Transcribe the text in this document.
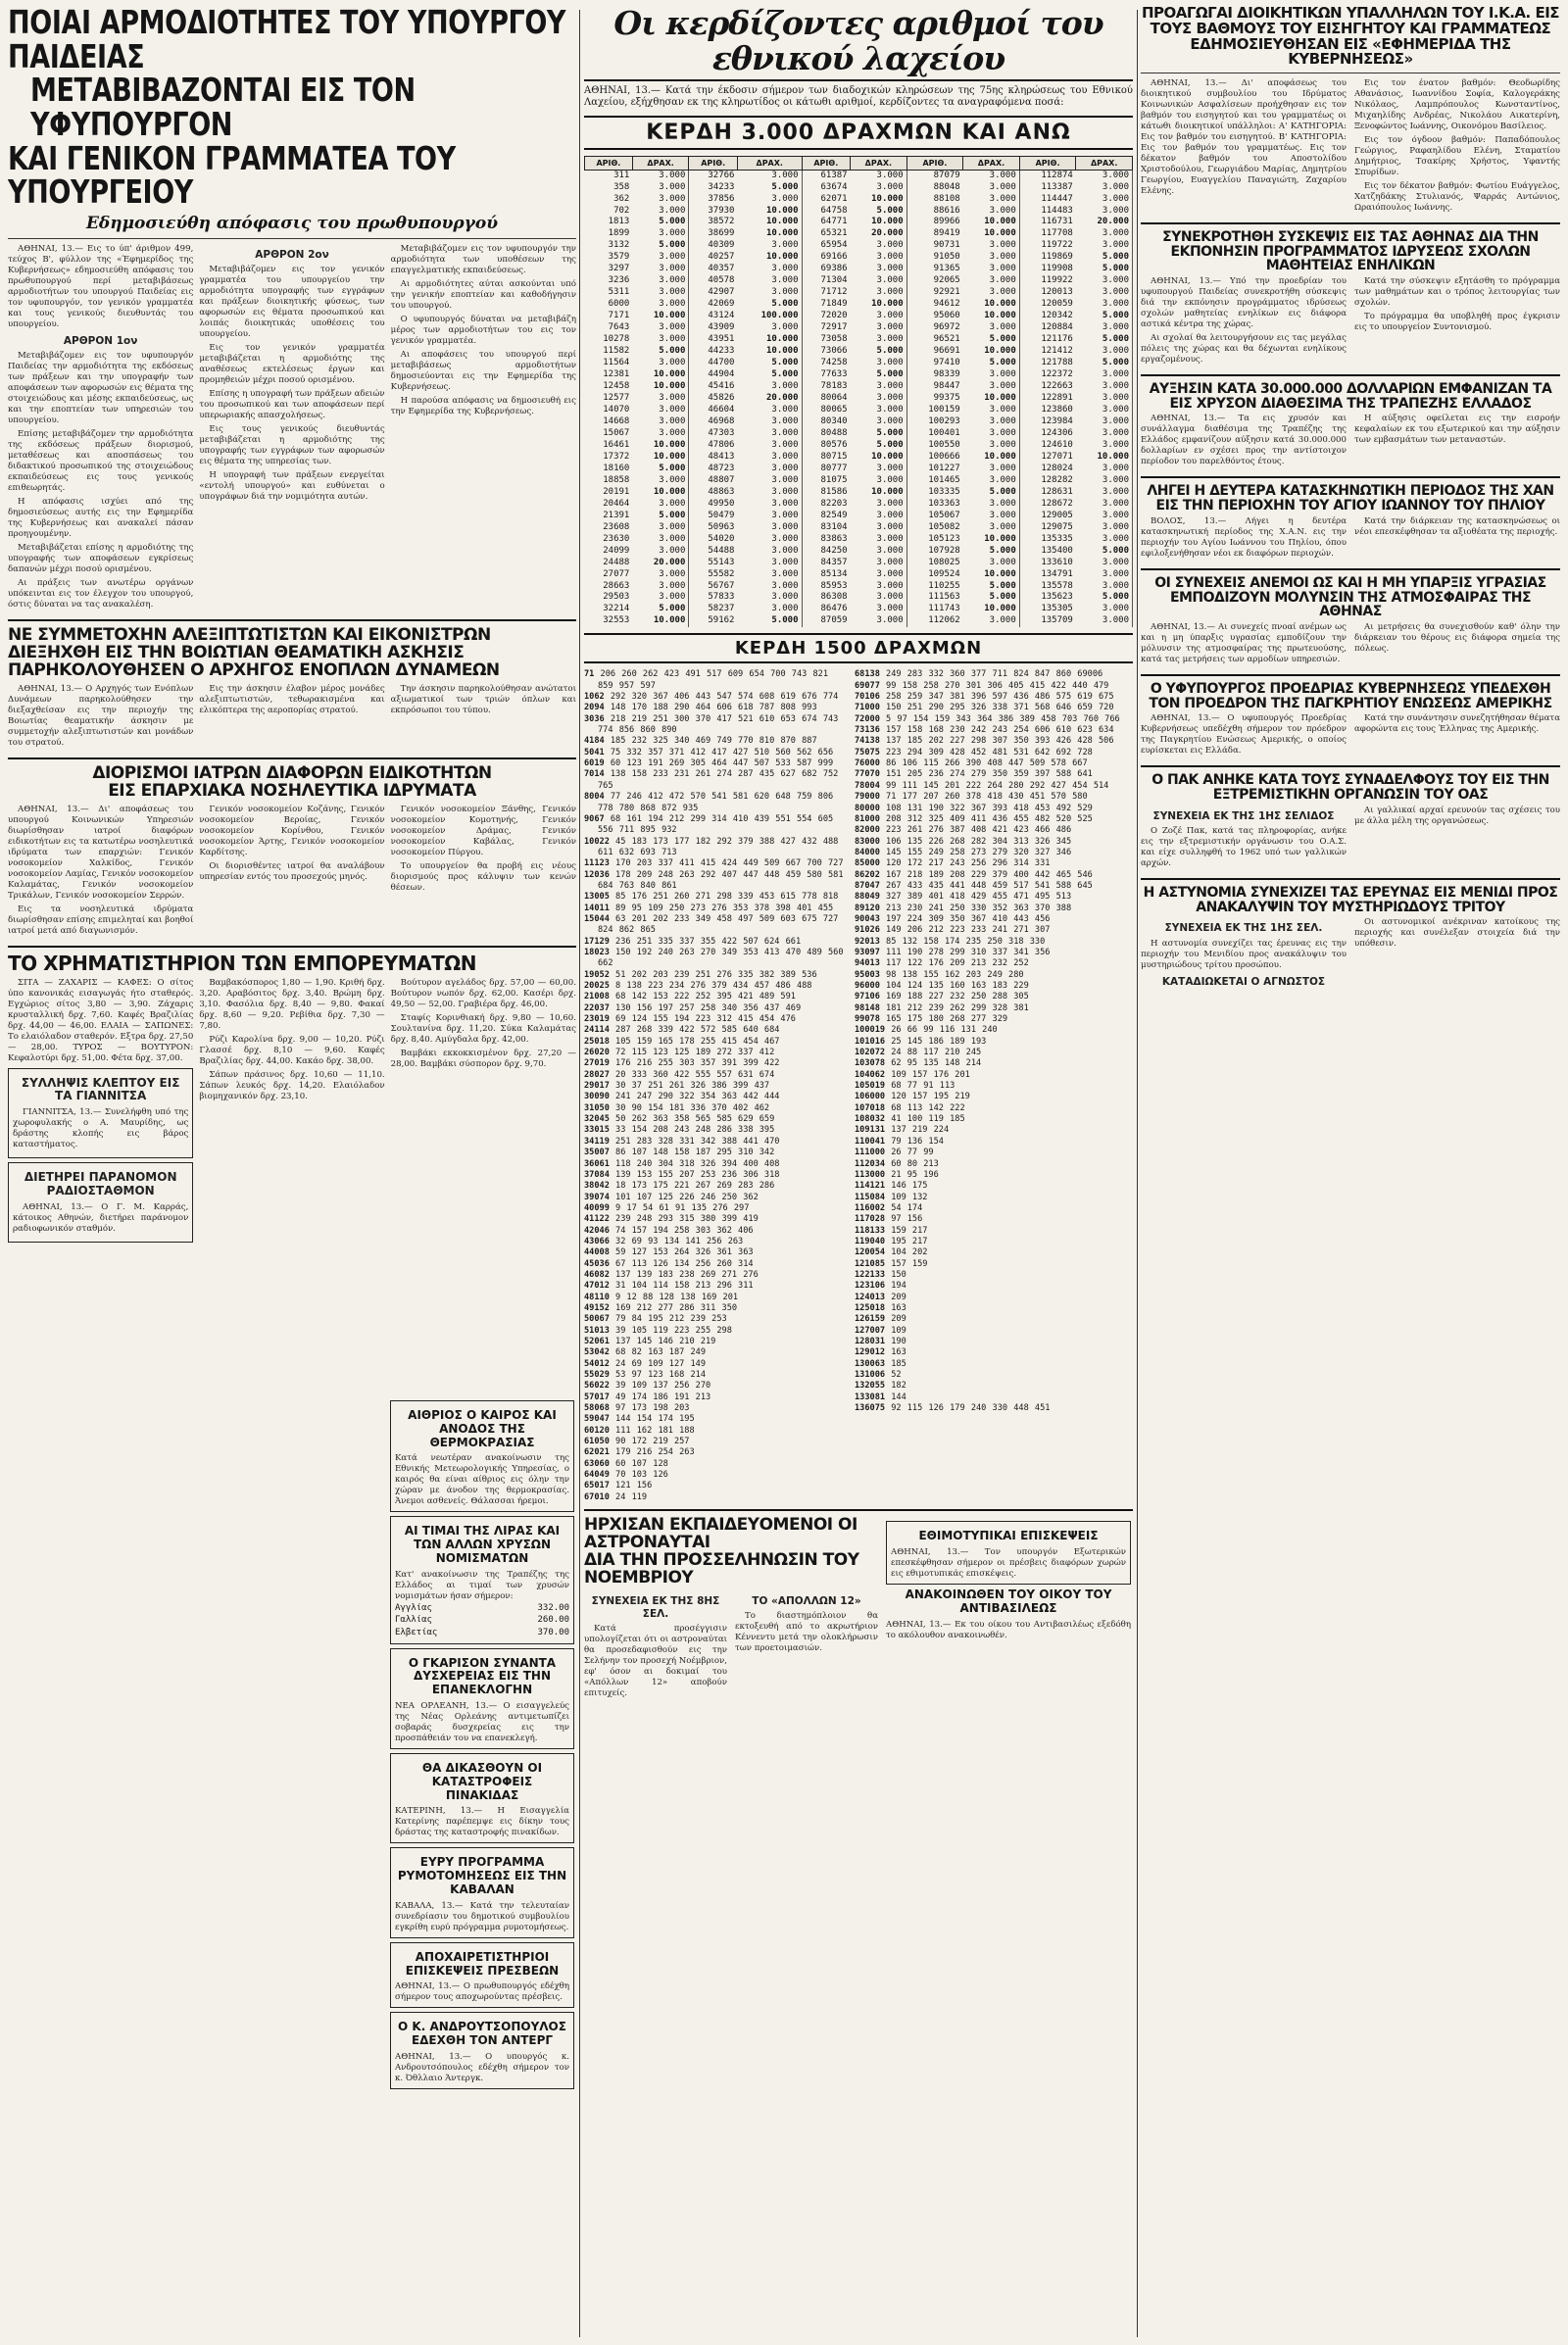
ΠΟΙΑΙ ΑΡΜΟΔΙΟΤΗΤΕΣ ΤΟΥ ΥΠΟΥΡΓΟΥ ΠΑΙΔΕΙΑΣ
ΜΕΤΑΒΙΒΑΖΟΝΤΑΙ ΕΙΣ ΤΟΝ ΥΦΥΠΟΥΡΓΟΝ
ΚΑΙ ΓΕΝΙΚΟΝ ΓΡΑΜΜΑΤΕΑ ΤΟΥ ΥΠΟΥΡΓΕΙΟΥ
Εδημοσιεύθη απόφασις του πρωθυπουργού

ΑΘΗΝΑΙ, 13.— Εις το ύπ' άριθμον 499, τεύχος Β', φύλλον της «Έφημερίδος της Κυβερνήσεως» εδημοσιεύθη απόφασις του πρωθυπουργού περί μεταβιβάσεως αρμοδιοτήτων του υπουργού Παιδείας εις τον υφυπουργόν, τον γενικόν γραμματέα και τους γενικούς διευθυντάς του υπουργείου.

ΑΡΘΡΟΝ 1ον

Μεταβιβάζομεν εις τον υφυπουργόν Παιδείας την αρμοδιότητα της εκδόσεως των πράξεων και την υπογραφήν των αποφάσεων των αφορωσών εις θέματα της στοιχειώδους και μέσης εκπαιδεύσεως, ως και την εποπτείαν των υπηρεσιών του υπουργείου.

Επίσης μεταβιβάζομεν την αρμοδιότητα της εκδόσεως πράξεων διορισμού, μεταθέσεως και αποσπάσεως του διδακτικού προσωπικού της στοιχειώδους εκπαιδεύσεως εις τους γενικούς επιθεωρητάς.

Η απόφασις ισχύει από της δημοσιεύσεως αυτής εις την Εφημερίδα της Κυβερνήσεως και ανακαλεί πάσαν προηγουμένην.

Μεταβιβάζεται επίσης η αρμοδιότης της υπογραφής των αποφάσεων εγκρίσεως δαπανών μέχρι ποσού ορισμένου.

Αι πράξεις των ανωτέρω οργάνων υπόκεινται εις τον έλεγχον του υπουργού, όστις δύναται να τας ανακαλέση.

ΑΡΘΡΟΝ 2ον

Μεταβιβάζομεν εις τον γενικόν γραμματέα του υπουργείου την αρμοδιότητα υπογραφής των εγγράφων και πράξεων διοικητικής φύσεως, των αφορωσών εις θέματα προσωπικού και λοιπάς διοικητικάς υποθέσεις του υπουργείου.

Εις τον γενικόν γραμματέα μεταβιβάζεται η αρμοδιότης της αναθέσεως εκτελέσεως έργων και προμηθειών μέχρι ποσού ορισμένου.

Επίσης η υπογραφή των πράξεων αδειών του προσωπικού και των αποφάσεων περί υπερωριακής απασχολήσεως.

Εις τους γενικούς διευθυντάς μεταβιβάζεται η αρμοδιότης της υπογραφής των εγγράφων των αφορωσών εις θέματα της υπηρεσίας των.

Η υπογραφή των πράξεων ενεργείται «εντολή υπουργού» και ευθύνεται ο υπογράφων διά την νομιμότητα αυτών.

Μεταβιβάζομεν εις τον υφυπουργόν την αρμοδιότητα των υποθέσεων της επαγγελματικής εκπαιδεύσεως.

Αι αρμοδιότητες αύται ασκούνται υπό την γενικήν εποπτείαν και καθοδήγησιν του υπουργού.

Ο υφυπουργός δύναται να μεταβιβάζη μέρος των αρμοδιοτήτων του εις τον γενικόν γραμματέα.

Αι αποφάσεις του υπουργού περί μεταβιβάσεως αρμοδιοτήτων δημοσιεύονται εις την Εφημερίδα της Κυβερνήσεως.

Η παρούσα απόφασις να δημοσιευθή εις την Εφημερίδα της Κυβερνήσεως.

ΝΕ ΣΥΜΜΕΤΟΧΗΝ ΑΛΕΞΙΠΤΩΤΙΣΤΩΝ ΚΑΙ ΕΙΚΟΝΙΣΤΡΩΝ
ΔΙΕΞΗΧΘΗ ΕΙΣ ΤΗΝ ΒΟΙΩΤΙΑΝ ΘΕΑΜΑΤΙΚΗ ΑΣΚΗΣΙΣ
ΠΑΡΗΚΟΛΟΥΘΗΣΕΝ Ο ΑΡΧΗΓΟΣ ΕΝΟΠΛΩΝ ΔΥΝΑΜΕΩΝ

ΑΘΗΝΑΙ, 13.— Ο Αρχηγός των Ενόπλων Δυνάμεων παρηκολούθησεν την διεξαχθείσαν εις την περιοχήν της Βοιωτίας θεαματικήν άσκησιν με συμμετοχήν αλεξιπτωτιστών και μονάδων του στρατού.

Εις την άσκησιν έλαβον μέρος μονάδες αλεξιπτωτιστών, τεθωρακισμένα και ελικόπτερα της αεροπορίας στρατού.

Την άσκησιν παρηκολούθησαν ανώτατοι αξιωματικοί των τριών όπλων και εκπρόσωποι του τύπου.

ΔΙΟΡΙΣΜΟΙ ΙΑΤΡΩΝ ΔΙΑΦΟΡΩΝ ΕΙΔΙΚΟΤΗΤΩΝ
ΕΙΣ ΕΠΑΡΧΙΑΚΑ ΝΟΣΗΛΕΥΤΙΚΑ ΙΔΡΥΜΑΤΑ

ΑΘΗΝΑΙ, 13.— Δι' αποφάσεως του υπουργού Κοινωνικών Υπηρεσιών διωρίσθησαν ιατροί διαφόρων ειδικοτήτων εις τα κατωτέρω νοσηλευτικά ιδρύματα των επαρχιών: Γενικόν νοσοκομείον Χαλκίδος, Γενικόν νοσοκομείον Λαμίας, Γενικόν νοσοκομείον Καλαμάτας, Γενικόν νοσοκομείον Τρικάλων, Γενικόν νοσοκομείον Σερρών.

Εις τα νοσηλευτικά ιδρύματα διωρίσθησαν επίσης επιμεληταί και βοηθοί ιατροί μετά από διαγωνισμόν.

Γενικόν νοσοκομείον Κοζάνης, Γενικόν νοσοκομείον Βεροίας, Γενικόν νοσοκομείον Κορίνθου, Γενικόν νοσοκομείον Άρτης, Γενικόν νοσοκομείον Καρδίτσης.

Οι διορισθέντες ιατροί θα αναλάβουν υπηρεσίαν εντός του προσεχούς μηνός.

Γενικόν νοσοκομείον Ξάνθης, Γενικόν νοσοκομείον Κομοτηνής, Γενικόν νοσοκομείον Δράμας, Γενικόν νοσοκομείον Καβάλας, Γενικόν νοσοκομείον Πύργου.

Το υπουργείον θα προβή εις νέους διορισμούς προς κάλυψιν των κενών θέσεων.

ΤΟ ΧΡΗΜΑΤΙΣΤΗΡΙΟΝ ΤΩΝ ΕΜΠΟΡΕΥΜΑΤΩΝ

ΣΙΤΑ — ΖΑΧΑΡΙΣ — ΚΑΦΕΣ: Ο σίτος ύπο κανονικάς εισαγωγάς ήτο σταθερός. Εγχώριος σίτος 3,80 — 3,90. Ζάχαρις κρυσταλλική δρχ. 7,60. Καφές Βραζιλίας δρχ. 44,00 — 46,00. ΕΛΑΙΑ — ΣΑΠΩΝΕΣ: Το ελαιόλαδον σταθερόν. Εξτρα δρχ. 27,50 — 28,00. ΤΥΡΟΣ — ΒΟΥΤΥΡΟΝ: Κεφαλοτύρι δρχ. 51,00. Φέτα δρχ. 37,00.

ΣΥΛΛΗΨΙΣ ΚΛΕΠΤΟΥ ΕΙΣ ΤΑ ΓΙΑΝΝΙΤΣΑ

ΓΙΑΝΝΙΤΣΑ, 13.— Συνελήφθη υπό της χωροφυλακής ο Α. Μαυρίδης, ως δράστης κλοπής εις βάρος καταστήματος.

ΔΙΕΤΗΡΕΙ ΠΑΡΑΝΟΜΟΝ ΡΑΔΙΟΣΤΑΘΜΟΝ

ΑΘΗΝΑΙ, 13.— Ο Γ. Μ. Καρράς, κάτοικος Αθηνών, διετήρει παράνομον ραδιοφωνικόν σταθμόν.

Βαμβακόσπορος 1,80 — 1,90. Κριθή δρχ. 3,20. Αραβόσιτος δρχ. 3,40. Βρώμη δρχ. 3,10. Φασόλια δρχ. 8,40 — 9,80. Φακαί δρχ. 8,60 — 9,20. Ρεβίθια δρχ. 7,30 — 7,80.

Ρύζι Καρολίνα δρχ. 9,00 — 10,20. Ρύζι Γλασσέ δρχ. 8,10 — 9,60. Καφές Βραζιλίας δρχ. 44,00. Κακάο δρχ. 38,00.

Σάπων πράσινος δρχ. 10,60 — 11,10. Σάπων λευκός δρχ. 14,20. Ελαιόλαδον βιομηχανικόν δρχ. 23,10.

Βούτυρον αγελάδος δρχ. 57,00 — 60,00. Βούτυρον νωπόν δρχ. 62,00. Κασέρι δρχ. 49,50 — 52,00. Γραβιέρα δρχ. 46,00.

Σταφίς Κορινθιακή δρχ. 9,80 — 10,60. Σουλτανίνα δρχ. 11,20. Σύκα Καλαμάτας δρχ. 8,40. Αμύγδαλα δρχ. 42,00.

Βαμβάκι εκκοκκισμένον δρχ. 27,20 — 28,00. Βαμβάκι σύσπορον δρχ. 9,70.

Οι κερδίζοντες αριθμοί του εθνικού λαχείου
ΑΘΗΝΑΙ, 13.— Κατά την έκδοσιν σήμερον των διαδοχικών κληρώσεων της 75ης κληρώσεως του Εθνικού Λαχείου, εξήχθησαν εκ της κληρωτίδος οι κάτωθι αριθμοί, κερδίζοντες τα αναγραφόμενα ποσά:
ΚΕΡΔΗ 3.000 ΔΡΑΧΜΩΝ ΚΑΙ ΑΝΩ
ΑΡΙΘ.	ΔΡΑΧ.	ΑΡΙΘ.	ΔΡΑΧ.	ΑΡΙΘ.	ΔΡΑΧ.	ΑΡΙΘ.	ΔΡΑΧ.	ΑΡΙΘ.	ΔΡΑΧ.
311	3.000	32766	3.000	61387	3.000	87079	3.000	112874	3.000
358	3.000	34233	5.000	63674	3.000	88048	3.000	113387	3.000
362	3.000	37856	3.000	62071	10.000	88108	3.000	114447	3.000
702	3.000	37930	10.000	64758	5.000	88616	3.000	114483	3.000
1813	5.000	38572	10.000	64771	10.000	89966	10.000	116731	20.000
1899	3.000	38699	10.000	65321	20.000	89419	10.000	117708	3.000
3132	5.000	40309	3.000	65954	3.000	90731	3.000	119722	3.000
3579	3.000	40257	10.000	69166	3.000	91050	3.000	119869	5.000
3297	3.000	40357	3.000	69386	3.000	91365	3.000	119908	5.000
3236	3.000	40578	3.000	71304	3.000	92065	3.000	119922	3.000
5311	3.000	42907	3.000	71712	3.000	92921	3.000	120013	3.000
6000	3.000	42069	5.000	71849	10.000	94612	10.000	120059	3.000
7171	10.000	43124	100.000	72020	3.000	95060	10.000	120342	5.000
7643	3.000	43909	3.000	72917	3.000	96972	3.000	120884	3.000
10278	3.000	43951	10.000	73058	3.000	96521	5.000	121176	5.000
11582	5.000	44233	10.000	73066	5.000	96691	10.000	121412	3.000
11564	3.000	44700	5.000	74258	3.000	97410	5.000	121788	5.000
12381	10.000	44904	5.000	77633	5.000	98339	3.000	122372	3.000
12458	10.000	45416	3.000	78183	3.000	98447	3.000	122663	3.000
12577	3.000	45826	20.000	80064	3.000	99375	10.000	122891	3.000
14070	3.000	46604	3.000	80065	3.000	100159	3.000	123860	3.000
14668	3.000	46968	3.000	80340	3.000	100293	3.000	123984	3.000
15067	3.000	47303	3.000	80488	5.000	100401	3.000	124306	3.000
16461	10.000	47806	3.000	80576	5.000	100550	3.000	124610	3.000
17372	10.000	48413	3.000	80715	10.000	100666	10.000	127071	10.000
18160	5.000	48723	3.000	80777	3.000	101227	3.000	128024	3.000
18858	3.000	48807	3.000	81075	3.000	101465	3.000	128282	3.000
20191	10.000	48863	3.000	81586	10.000	103335	5.000	128631	3.000
20464	3.000	49950	3.000	82203	3.000	103363	3.000	128672	3.000
21391	5.000	50479	3.000	82549	3.000	105067	3.000	129005	3.000
23608	3.000	50963	3.000	83104	3.000	105082	3.000	129075	3.000
23630	3.000	54020	3.000	83863	3.000	105123	10.000	135335	3.000
24099	3.000	54488	3.000	84250	3.000	107928	5.000	135400	5.000
24488	20.000	55143	3.000	84357	3.000	108025	3.000	133610	3.000
27077	3.000	55582	3.000	85134	3.000	109524	10.000	134791	3.000
28663	3.000	56767	3.000	85953	3.000	110255	5.000	135578	3.000
29503	3.000	57833	3.000	86308	3.000	111563	5.000	135623	5.000
32214	5.000	58237	3.000	86476	3.000	111743	10.000	135305	3.000
32553	10.000	59162	5.000	87059	3.000	112062	3.000	135709	3.000
ΚΕΡΔΗ 1500 ΔΡΑΧΜΩΝ
71 206 260 262 423 491 517 609 654 700 743 821 859 957 597
1062 292 320 367 406 443 547 574 608 619 676 774
2094 148 170 188 290 464 606 618 787 808 993
3036 218 219 251 300 370 417 521 610 653 674 743 774 856 860 890
4184 185 232 325 340 469 749 770 810 870 887
5041 75 332 357 371 412 417 427 510 560 562 656
6019 60 123 191 269 305 464 447 507 533 587 999
7014 138 158 233 231 261 274 287 435 627 682 752 765
8004 77 246 412 472 570 541 581 620 648 759 806 778 780 868 872 935
9067 68 161 194 212 299 314 410 439 551 554 605 556 711 895 932
10022 45 183 173 177 182 292 379 388 427 432 488 611 632 693 713
11123 170 203 337 411 415 424 449 509 667 700 727
12036 178 209 248 263 292 407 447 448 459 580 581 684 763 840 861
13005 85 176 251 260 271 298 339 453 615 778 818
14011 89 95 109 250 273 276 353 378 398 401 455
15044 63 201 202 233 349 458 497 509 603 675 727 824 862 865
17129 236 251 335 337 355 422 507 624 661
18023 150 192 240 263 270 349 353 413 470 489 560 662
19052 51 202 203 239 251 276 335 382 389 536
20025 8 138 223 234 276 379 434 457 486 488
21008 68 142 153 222 252 395 421 489 591
22037 130 156 197 257 258 340 356 437 469
23019 69 124 155 194 223 312 415 454 476
24114 287 268 339 422 572 585 640 684
25018 105 159 165 178 255 415 454 467
26020 72 115 123 125 189 272 337 412
27019 176 216 255 303 357 391 399 422
28027 20 333 360 422 555 557 631 674
29017 30 37 251 261 326 386 399 437
30090 241 247 290 322 354 363 442 444
31050 30 90 154 181 336 370 402 462
32045 50 262 363 358 565 585 629 659
33015 33 154 208 243 248 286 338 395
34119 251 283 328 331 342 388 441 470
35007 86 107 148 158 187 295 310 342
36061 118 240 304 318 326 394 400 408
37084 139 153 155 207 253 236 306 318
38042 18 173 175 221 267 269 283 286
39074 101 107 125 226 246 250 362
40099 9 17 54 61 91 135 276 297
41122 239 248 293 315 380 399 419
42046 74 157 194 258 303 362 406
43066 32 69 93 134 141 256 263
44008 59 127 153 264 326 361 363
45036 67 113 126 134 256 260 314
46082 137 139 183 238 269 271 276
47012 31 104 114 158 213 296 311
48110 9 12 88 128 138 169 201
49152 169 212 277 286 311 350
50067 79 84 195 212 239 253
51013 39 105 119 223 255 298
52061 137 145 146 210 219
53042 68 82 163 187 249
54012 24 69 109 127 149
55029 53 97 123 168 214
56022 39 109 137 256 270
57017 49 174 186 191 213
58068 97 173 198 203
59047 144 154 174 195
60120 111 162 181 188
61050 90 172 219 257
62021 179 216 254 263
63060 60 107 128
64049 70 103 126
65017 121 156
67010 24 119
68138 249 283 332 360 377 711 824 847 860 69006
69077 99 158 258 270 301 306 405 415 422 440 479
70106 258 259 347 381 396 597 436 486 575 619 675
71000 150 251 290 295 326 338 371 568 646 659 720
72000 5 97 154 159 343 364 386 389 458 703 760 766
73136 157 158 168 230 242 243 254 606 610 623 634
74138 137 185 202 227 298 307 350 393 426 428 506
75075 223 294 309 428 452 481 531 642 692 728
76000 86 106 115 266 390 408 447 509 578 667
77070 151 205 236 274 279 350 359 397 588 641
78004 99 111 145 201 222 264 280 292 427 454 514
79000 71 177 207 260 378 418 430 451 570 580
80000 108 131 190 322 367 393 418 453 492 529
81000 208 312 325 409 411 436 455 482 520 525
82000 223 261 276 387 408 421 423 466 486
83000 106 135 226 268 282 304 313 326 345
84000 145 155 249 258 273 279 320 327 346
85000 120 172 217 243 256 296 314 331
86202 167 218 189 208 229 379 400 442 465 546
87047 267 433 435 441 448 459 517 541 588 645
88049 327 389 401 418 429 455 471 495 513
89120 213 230 241 250 330 352 363 370 388
90043 197 224 309 350 367 410 443 456
91026 149 206 212 223 233 241 271 307
92013 85 132 158 174 235 250 318 330
93097 111 190 278 299 310 337 341 356
94013 117 122 176 209 213 232 252
95003 98 138 155 162 203 249 280
96000 104 124 135 160 163 183 229
97106 169 188 227 232 250 288 305
98148 181 212 239 262 299 328 381
99078 165 175 180 268 277 329
100019 26 66 99 116 131 240
101016 25 145 186 189 193
102072 24 88 117 210 245
103078 62 95 135 148 214
104062 109 157 176 201
105019 68 77 91 113
106000 120 157 195 219
107018 68 113 142 222
108032 41 100 119 185
109131 137 219 224
110041 79 136 154
111000 26 77 99
112034 60 80 213
113000 21 95 196
114121 146 175
115084 109 132
116002 54 174
117028 97 156
118133 159 217
119040 195 217
120054 104 202
121085 157 159
122133 150
123106 194
124013 209
125018 163
126159 209
127007 109
128031 190
129012 163
130063 185
131006 52
132055 182
133081 144
136075 92 115 126 179 240 330 448 451
ΗΡΧΙΣΑΝ ΕΚΠΑΙΔΕΥΟΜΕΝΟΙ ΟΙ ΑΣΤΡΟΝΑΥΤΑΙ
ΔΙΑ ΤΗΝ ΠΡΟΣΣΕΛΗΝΩΣΙΝ ΤΟΥ ΝΟΕΜΒΡΙΟΥ
ΣΥΝΕΧΕΙΑ ΕΚ ΤΗΣ 8ΗΣ ΣΕΛ.

Κατά προσέγγισιν υπολογίζεται ότι οι αστροναύται θα προσεδαφισθούν εις την Σελήνην τον προσεχή Νοέμβριον, εφ' όσον αι δοκιμαί του «Απόλλων 12» αποβούν επιτυχείς.

ΤΟ «ΑΠΟΛΛΩΝ 12»

Το διαστημόπλοιον θα εκτοξευθή από το ακρωτήριον Κέννεντυ μετά την ολοκλήρωσιν των προετοιμασιών.

ΕΘΙΜΟΤΥΠΙΚΑΙ ΕΠΙΣΚΕΨΕΙΣ

ΑΘΗΝΑΙ, 13.— Τον υπουργόν Εξωτερικών επεσκέφθησαν σήμερον οι πρέσβεις διαφόρων χωρών εις εθιμοτυπικάς επισκέψεις.

ΑΝΑΚΟΙΝΩΘΕΝ ΤΟΥ ΟΙΚΟΥ ΤΟΥ ΑΝΤΙΒΑΣΙΛΕΩΣ

ΑΘΗΝΑΙ, 13.— Εκ του οίκου του Αντιβασιλέως εξεδόθη το ακόλουθον ανακοινωθέν.

ΑΙΘΡΙΟΣ Ο ΚΑΙΡΟΣ ΚΑΙ ΑΝΟΔΟΣ ΤΗΣ ΘΕΡΜΟΚΡΑΣΙΑΣ

Κατά νεωτέραν ανακοίνωσιν της Εθνικής Μετεωρολογικής Υπηρεσίας, ο καιρός θα είναι αίθριος εις όλην την χώραν με άνοδον της θερμοκρασίας. Άνεμοι ασθενείς. Θάλασσαι ήρεμοι.

ΑΙ ΤΙΜΑΙ ΤΗΣ ΛΙΡΑΣ ΚΑΙ ΤΩΝ ΑΛΛΩΝ ΧΡΥΣΩΝ ΝΟΜΙΣΜΑΤΩΝ

Κατ' ανακοίνωσιν της Τραπέζης της Ελλάδος αι τιμαί των χρυσών νομισμάτων ήσαν σήμερον:

Αγγλίας	332.00
Γαλλίας	260.00
Ελβετίας	370.00
Ο ΓΚΑΡΙΣΟΝ ΣΥΝΑΝΤΑ ΔΥΣΧΕΡΕΙΑΣ ΕΙΣ ΤΗΝ ΕΠΑΝΕΚΛΟΓΗΝ

ΝΕΑ ΟΡΛΕΑΝΗ, 13.— Ο εισαγγελεύς της Νέας Ορλεάνης αντιμετωπίζει σοβαράς δυσχερείας εις την προσπάθειάν του να επανεκλεγή.

ΘΑ ΔΙΚΑΣΘΟΥΝ ΟΙ ΚΑΤΑΣΤΡΟΦΕΙΣ ΠΙΝΑΚΙΔΑΣ

ΚΑΤΕΡΙΝΗ, 13.— Η Εισαγγελία Κατερίνης παρέπεμψε εις δίκην τους δράστας της καταστροφής πινακίδων.

ΕΥΡΥ ΠΡΟΓΡΑΜΜΑ ΡΥΜΟΤΟΜΗΣΕΩΣ ΕΙΣ ΤΗΝ ΚΑΒΑΛΑΝ

ΚΑΒΑΛΑ, 13.— Κατά την τελευταίαν συνεδρίασιν του δημοτικού συμβουλίου εγκρίθη ευρύ πρόγραμμα ρυμοτομήσεως.

ΑΠΟΧΑΙΡΕΤΙΣΤΗΡΙΟΙ ΕΠΙΣΚΕΨΕΙΣ ΠΡΕΣΒΕΩΝ

ΑΘΗΝΑΙ, 13.— Ο πρωθυπουργός εδέχθη σήμερον τους αποχωρούντας πρέσβεις.

Ο Κ. ΑΝΔΡΟΥΤΣΟΠΟΥΛΟΣ ΕΔΕΧΘΗ ΤΟΝ ΑΝΤΕΡΓ

ΑΘΗΝΑΙ, 13.— Ο υπουργός κ. Ανδρουτσόπουλος εδέχθη σήμερον τον κ. Όθλλαιο Άντεργκ.

ΠΡΟΑΓΩΓΑΙ ΔΙΟΙΚΗΤΙΚΩΝ ΥΠΑΛΛΗΛΩΝ ΤΟΥ Ι.Κ.Α. ΕΙΣ ΤΟΥΣ ΒΑΘΜΟΥΣ ΤΟΥ ΕΙΣΗΓΗΤΟΥ ΚΑΙ ΓΡΑΜΜΑΤΕΩΣ ΕΔΗΜΟΣΙΕΥΘΗΣΑΝ ΕΙΣ «ΕΦΗΜΕΡΙΔΑ ΤΗΣ ΚΥΒΕΡΝΗΣΕΩΣ»

ΑΘΗΝΑΙ, 13.— Δι' αποφάσεως του διοικητικού συμβουλίου του Ιδρύματος Κοινωνικών Ασφαλίσεων προήχθησαν εις τον βαθμόν του εισηγητού και του γραμματέως οι κάτωθι διοικητικοί υπάλληλοι: Α' ΚΑΤΗΓΟΡΙΑ: Εις τον βαθμόν του εισηγητού. Β' ΚΑΤΗΓΟΡΙΑ: Εις τον βαθμόν του γραμματέως. Εις τον δέκατον βαθμόν του Αποστολίδου Χριστοδούλου, Γεωργιάδου Μαρίας, Δημητρίου Γεωργίου, Ευαγγελίου Παναγιώτη, Ζαχαρίου Ελένης.

Εις τον ένατον βαθμόν: Θεοδωρίδης Αθανάσιος, Ιωαννίδου Σοφία, Καλογεράκης Νικόλαος, Λαμπρόπουλος Κωνσταντίνος, Μιχαηλίδης Ανδρέας, Νικολάου Αικατερίνη, Ξενοφώντος Ιωάννης, Οικονόμου Βασίλειος.

Εις τον όγδοον βαθμόν: Παπαδόπουλος Γεώργιος, Ραφαηλίδου Ελένη, Σταματίου Δημήτριος, Τσακίρης Χρήστος, Υφαντής Σπυρίδων.

Εις τον δέκατον βαθμόν: Φωτίου Ευάγγελος, Χατζηδάκης Στυλιανός, Ψαρράς Αντώνιος, Ωραιόπουλος Ιωάννης.

ΣΥΝΕΚΡΟΤΗΘΗ ΣΥΣΚΕΨΙΣ ΕΙΣ ΤΑΣ ΑΘΗΝΑΣ ΔΙΑ ΤΗΝ ΕΚΠΟΝΗΣΙΝ ΠΡΟΓΡΑΜΜΑΤΟΣ ΙΔΡΥΣΕΩΣ ΣΧΟΛΩΝ ΜΑΘΗΤΕΙΑΣ ΕΝΗΛΙΚΩΝ

ΑΘΗΝΑΙ, 13.— Υπό την προεδρίαν του υφυπουργού Παιδείας συνεκροτήθη σύσκεψις διά την εκπόνησιν προγράμματος ιδρύσεως σχολών μαθητείας ενηλίκων εις διάφορα αστικά κέντρα της χώρας.

Αι σχολαί θα λειτουργήσουν εις τας μεγάλας πόλεις της χώρας και θα δέχωνται ενηλίκους εργαζομένους.

Κατά την σύσκεψιν εξητάσθη το πρόγραμμα των μαθημάτων και ο τρόπος λειτουργίας των σχολών.

Το πρόγραμμα θα υποβληθή προς έγκρισιν εις το υπουργείον Συντονισμού.

ΑΥΞΗΣΙΝ ΚΑΤΑ 30.000.000 ΔΟΛΛΑΡΙΩΝ ΕΜΦΑΝΙΖΑΝ ΤΑ ΕΙΣ ΧΡΥΣΟΝ ΔΙΑΘΕΣΙΜΑ ΤΗΣ ΤΡΑΠΕΖΗΣ ΕΛΛΑΔΟΣ

ΑΘΗΝΑΙ, 13.— Τα εις χρυσόν και συνάλλαγμα διαθέσιμα της Τραπέζης της Ελλάδος εμφανίζουν αύξησιν κατά 30.000.000 δολλαρίων εν σχέσει προς την αντίστοιχον περίοδον του παρελθόντος έτους.

Η αύξησις οφείλεται εις την εισροήν κεφαλαίων εκ του εξωτερικού και την αύξησιν των εμβασμάτων των μεταναστών.

ΛΗΓΕΙ Η ΔΕΥΤΕΡΑ ΚΑΤΑΣΚΗΝΩΤΙΚΗ ΠΕΡΙΟΔΟΣ ΤΗΣ ΧΑΝ ΕΙΣ ΤΗΝ ΠΕΡΙΟΧΗΝ ΤΟΥ ΑΓΙΟΥ ΙΩΑΝΝΟΥ ΤΟΥ ΠΗΛΙΟΥ

ΒΟΛΟΣ, 13.— Λήγει η δευτέρα κατασκηνωτική περίοδος της Χ.Α.Ν. εις την περιοχήν του Αγίου Ιωάννου του Πηλίου, όπου εφιλοξενήθησαν νέοι εκ διαφόρων περιοχών.

Κατά την διάρκειαν της κατασκηνώσεως οι νέοι επεσκέφθησαν τα αξιοθέατα της περιοχής.

ΟΙ ΣΥΝΕΧΕΙΣ ΑΝΕΜΟΙ ΩΣ ΚΑΙ Η ΜΗ ΥΠΑΡΞΙΣ ΥΓΡΑΣΙΑΣ ΕΜΠΟΔΙΖΟΥΝ ΜΟΛΥΝΣΙΝ ΤΗΣ ΑΤΜΟΣΦΑΙΡΑΣ ΤΗΣ ΑΘΗΝΑΣ

ΑΘΗΝΑΙ, 13.— Αι συνεχείς πνοαί ανέμων ως και η μη ύπαρξις υγρασίας εμποδίζουν την μόλυνσιν της ατμοσφαίρας της πρωτευούσης, κατά τας μετρήσεις των αρμοδίων υπηρεσιών.

Αι μετρήσεις θα συνεχισθούν καθ' όλην την διάρκειαν του θέρους εις διάφορα σημεία της πόλεως.

Ο ΥΦΥΠΟΥΡΓΟΣ ΠΡΟΕΔΡΙΑΣ ΚΥΒΕΡΝΗΣΕΩΣ ΥΠΕΔΕΧΘΗ ΤΟΝ ΠΡΟΕΔΡΟΝ ΤΗΣ ΠΑΓΚΡΗΤΙΟΥ ΕΝΩΣΕΩΣ ΑΜΕΡΙΚΗΣ

ΑΘΗΝΑΙ, 13.— Ο υφυπουργός Προεδρίας Κυβερνήσεως υπεδέχθη σήμερον τον πρόεδρον της Παγκρητίου Ενώσεως Αμερικής, ο οποίος ευρίσκεται εις Ελλάδα.

Κατά την συνάντησιν συνεζητήθησαν θέματα αφορώντα εις τους Έλληνας της Αμερικής.

Ο ΠΑΚ ΑΝΗΚΕ ΚΑΤΑ ΤΟΥΣ ΣΥΝΑΔΕΛΦΟΥΣ ΤΟΥ ΕΙΣ ΤΗΝ ΕΞΤΡΕΜΙΣΤΙΚΗΝ ΟΡΓΑΝΩΣΙΝ ΤΟΥ ΟΑΣ
ΣΥΝΕΧΕΙΑ ΕΚ ΤΗΣ 1ΗΣ ΣΕΛΙΔΟΣ

Ο Ζοζέ Πακ, κατά τας πληροφορίας, ανήκε εις την εξτρεμιστικήν οργάνωσιν του Ο.Α.Σ. και είχε συλληφθή το 1962 υπό των γαλλικών αρχών.

Αι γαλλικαί αρχαί ερευνούν τας σχέσεις του με άλλα μέλη της οργανώσεως.

Η ΑΣΤΥΝΟΜΙΑ ΣΥΝΕΧΙΖΕΙ ΤΑΣ ΕΡΕΥΝΑΣ ΕΙΣ ΜΕΝΙΔΙ ΠΡΟΣ ΑΝΑΚΑΛΥΨΙΝ ΤΟΥ ΜΥΣΤΗΡΙΩΔΟΥΣ ΤΡΙΤΟΥ
ΣΥΝΕΧΕΙΑ ΕΚ ΤΗΣ 1ΗΣ ΣΕΛ.

Η αστυνομία συνεχίζει τας έρευνας εις την περιοχήν του Μενιδίου προς ανακάλυψιν του μυστηριώδους τρίτου προσώπου.

ΚΑΤΑΔΙΩΚΕΤΑΙ Ο ΑΓΝΩΣΤΟΣ

Οι αστυνομικοί ανέκριναν κατοίκους της περιοχής και συνέλεξαν στοιχεία διά την υπόθεσιν.
